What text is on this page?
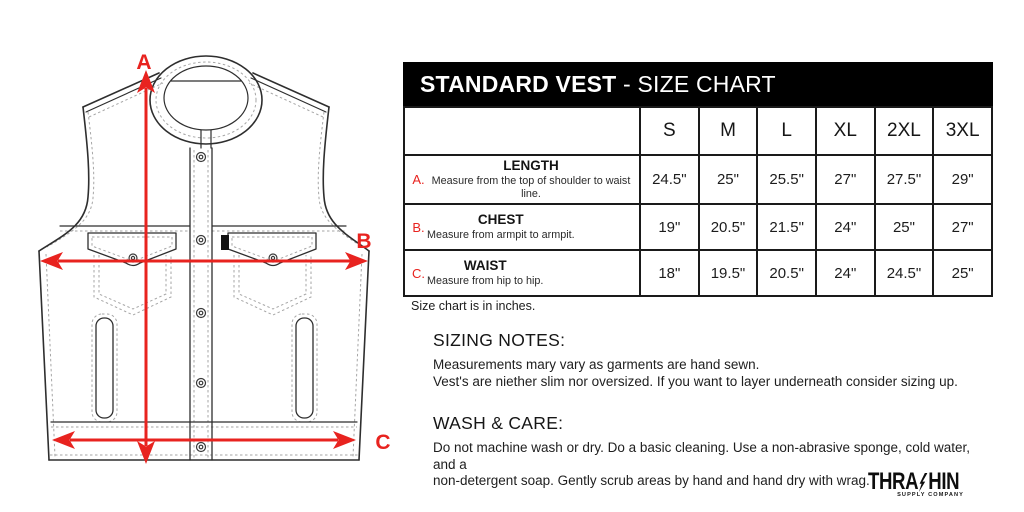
A
B
C
STANDARD VEST - SIZE CHART
	S	M	L	XL	2XL	3XL

A.
LENGTH
Measure from the top of shoulder to waist line.	24.5"	25"	25.5"	27"	27.5"	29"

B. CHEST
Measure from armpit to armpit.	19"	20.5"	21.5"	24"	25"	27"

C. WAIST
Measure from hip to hip.	18"	19.5"	20.5"	24"	24.5"	25"
Size chart is in inches.
SIZING NOTES:
Measurements mary vary as garments are hand sewn.
Vest's are niether slim nor oversized. If you want to layer underneath consider sizing up.
WASH & CARE:
Do not machine wash or dry. Do a basic cleaning. Use a non-abrasive sponge, cold water, and a
non-detergent soap. Gently scrub areas by hand and hand dry with wrag.
THRA HIN
SUPPLY COMPANY
